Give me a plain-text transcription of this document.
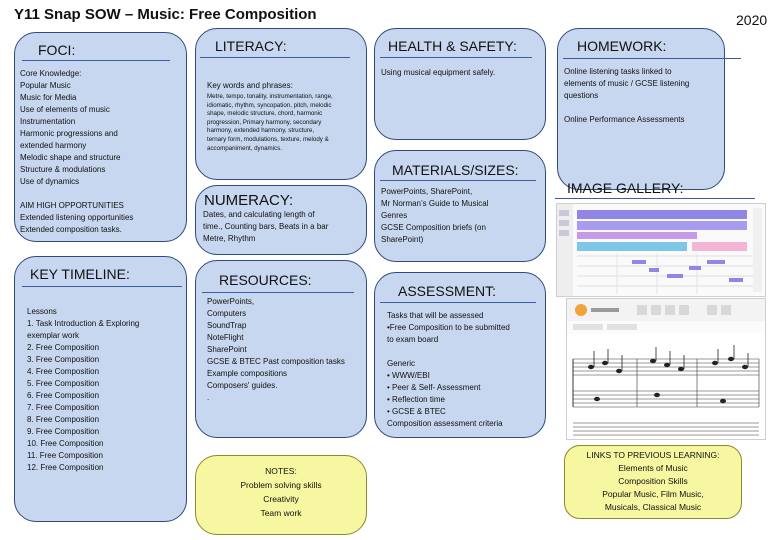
Y11 Snap SOW – Music: Free Composition	2020
FOCI:
Core Knowledge:
Popular Music
Music for Media
Use of elements of music
Instrumentation
Harmonic progressions and
extended harmony
Melodic shape and structure
Structure & modulations
Use of dynamics
AIM HIGH OPPORTUNITIES
Extended listening opportunities
Extended composition tasks.
LITERACY:
Key words and phrases:
Metre, tempo, tonality, instrumentation, range,
idiomatic, rhythm, syncopation, pitch, melodic
shape, melodic structure, chord, harmonic
progression, Primary harmony, secondary
harmony, extended harmony, structure,
ternary form, modulations, texture, melody &
accompaniment, dynamics.
HEALTH & SAFETY:
Using musical equipment safely.
HOMEWORK:
Online listening tasks linked to
elements of music / GCSE listening
questions
Online Performance Assessments
MATERIALS/SIZES:
PowerPoints, SharePoint,
Mr Norman’s Guide to Musical
Genres
GCSE Composition briefs (on
SharePoint)
IMAGE GALLERY:
NUMERACY:
Dates, and calculating length of
time., Counting bars, Beats in a bar
Metre, Rhythm
KEY TIMELINE:
Lessons
1. Task Introduction & Exploring
exemplar work
2. Free Composition
3. Free Composition
4. Free Composition
5. Free Composition
6. Free Composition
7. Free Composition
8. Free Composition
9. Free Composition
10. Free Composition
11. Free Composition
12. Free Composition
RESOURCES:
PowerPoints,
Computers
SoundTrap
NoteFlight
SharePoint
GCSE & BTEC Past composition tasks
Example compositions
Composers' guides.
.
ASSESSMENT:
Tasks that will be assessed
•Free Composition to be submitted
to exam board
Generic
• WWW/EBI
• Peer & Self- Assessment
• Reflection time
• GCSE & BTEC
Composition assessment criteria
NOTES:
Problem solving skills
Creativity
Team work
LINKS TO PREVIOUS LEARNING:
Elements of Music
Composition Skills
Popular Music, Film Music,
Musicals, Classical Music
